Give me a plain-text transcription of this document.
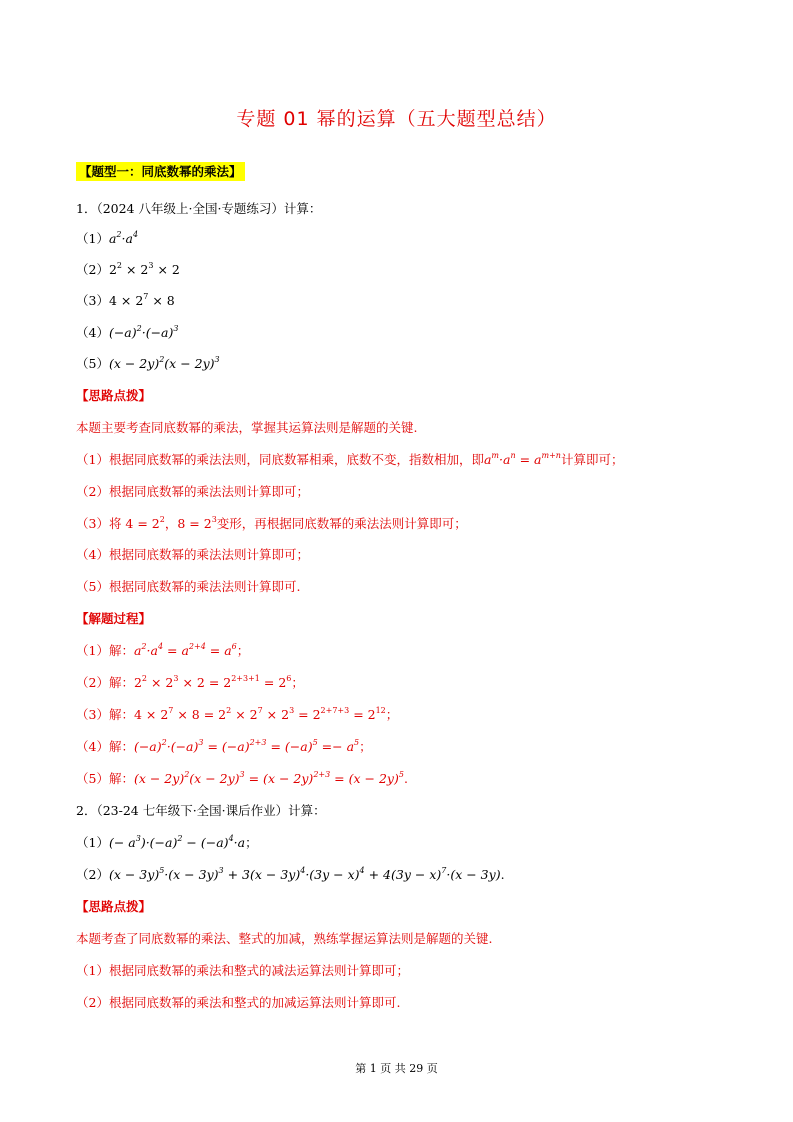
专题 01 幂的运算（五大题型总结）
【题型一：同底数幂的乘法】
1．（2024 八年级上·全国·专题练习）计算：
$(1)a^2\cdot a^4$
$(2)2^2 \times 2^3 \times 2$
$(3)4 \times 2^7 \times 8$
$(4)(-a)^2\cdot(-a)^3$
$(5)(x - 2y)^2(x - 2y)^3$
【思路点拨】
本题主要考查同底数幂的乘法，掌握其运算法则是解题的关键.
（1）根据同底数幂的乘法法则，同底数幂相乘，底数不变，指数相加，即$a^m\cdot a^n = a^{m+n}$计算即可；
（2）根据同底数幂的乘法法则计算即可；
（3）将 $4 = 2^2$，$8 = 2^3$变形，再根据同底数幂的乘法法则计算即可；
（4）根据同底数幂的乘法法则计算即可；
（5）根据同底数幂的乘法法则计算即可.
【解题过程】
（1）解：$a^2\cdot a^4 = a^{2+4} = a^6$；
（2）解：$2^2 \times 2^3 \times 2 = 2^{2+3+1} = 2^6$；
（3）解：$4 \times 2^7 \times 8 = 2^2 \times 2^7 \times 2^3 = 2^{2+7+3} = 2^{12}$；
（4）解：$(-a)^2\cdot(-a)^3 = (-a)^{2+3} = (-a)^5 =- a^5$；
（5）解：$(x - 2y)^2(x - 2y)^3 = (x - 2y)^{2+3} = (x - 2y)^5$.
2．（23-24 七年级下·全国·课后作业）计算：
$(1)(- a^3)\cdot(-a)^2 - (-a)^4\cdot a$；
$(2)(x - 3y)^5\cdot(x - 3y)^3 + 3(x - 3y)^4\cdot(3y - x)^4 + 4(3y - x)^7\cdot(x - 3y)$.
【思路点拨】
本题考查了同底数幂的乘法、整式的加减，熟练掌握运算法则是解题的关键.
（1）根据同底数幂的乘法和整式的减法运算法则计算即可；
（2）根据同底数幂的乘法和整式的加减运算法则计算即可.
第 1 页 共 29 页
